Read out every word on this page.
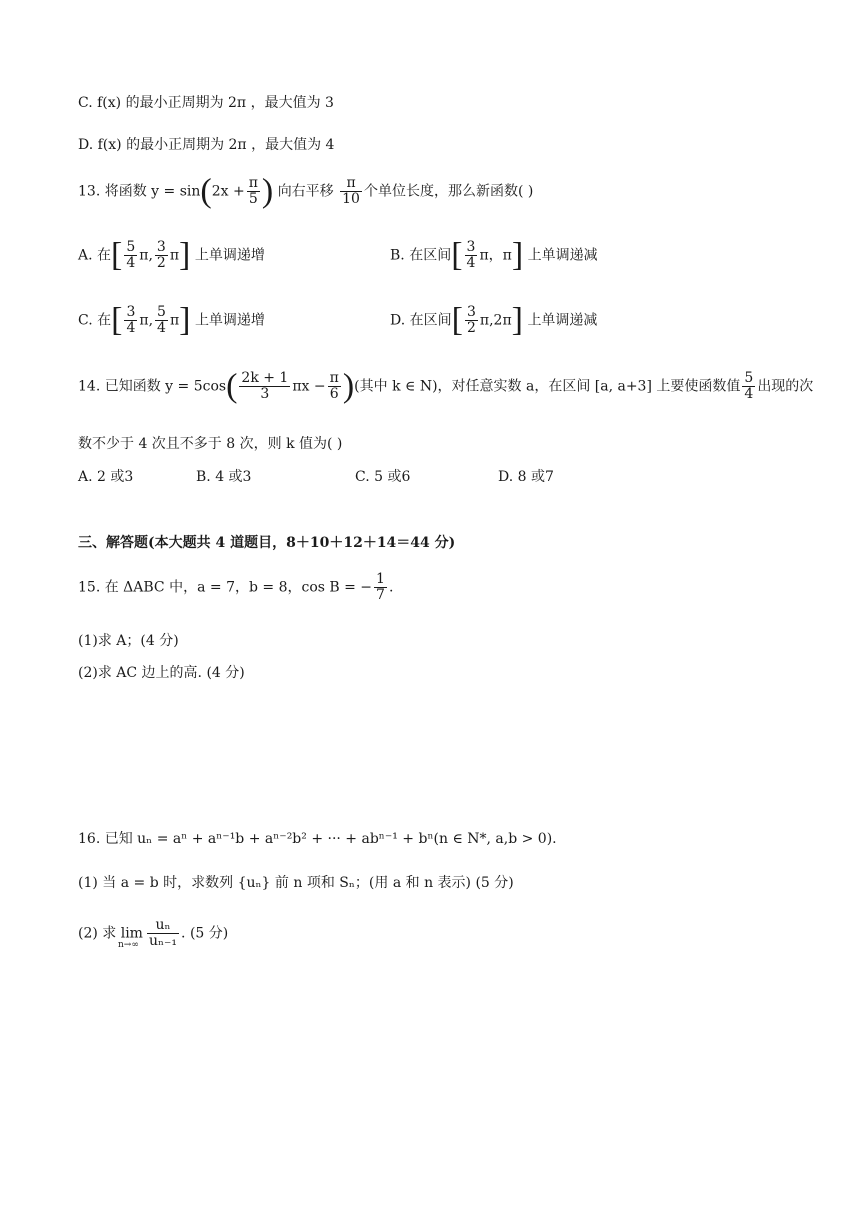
C. f(x) 的最小正周期为 2π ，最大值为 3
D. f(x) 的最小正周期为 2π ，最大值为 4
13. 将函数 $y = \sin(2x + \frac{\pi}{5}$ ) 向右平移 $\frac{\pi}{10}$ 个单位长度，那么新函数( )
A. 在[ $\frac{5}{4} \pi$, $\frac{3}{2} \pi$] 上单调递增	B. 在区间[ $\frac{3}{4}$ π，π] 上单调递减
C. 在[ $\frac{3}{4} \pi$, $\frac{5}{4} \pi$] 上单调递增	D. 在区间[ $\frac{3}{2} \pi,2\pi$] 上单调递减
14. 已知函数 $y = 5\cos( \frac{2k + 1}{3}$ $\pi x - \frac{\pi}{6}$ )(其中 k ∈ N)，对任意实数 a，在区间 [a, a+3] 上要使函数值 $\frac{5}{4}$ 出现的次
数不少于 4 次且不多于 8 次，则 k 值为( )
A. 2 或3	B. 4 或3	C. 5 或6	D. 8 或7
三、解答题(本大题共 4 道题目，8＋10＋12＋14＝44 分)
15. 在 ΔABC 中，a = 7，b = 8，cos B = − $\frac{1}{7}$ .
(1)求 A；(4 分)
(2)求 AC 边上的高. (4 分)
16. 已知 uₙ = aⁿ + aⁿ⁻¹b + aⁿ⁻²b² + ··· + abⁿ⁻¹ + bⁿ(n ∈ N*, a,b > 0).
(1) 当 a = b 时，求数列 {uₙ} 前 n 项和 Sₙ；(用 a 和 n 表示) (5 分)
(2) 求 $\lim \frac{\text{uₙ}}{\text{uₙ₋₁}}$ . (5 分)
n→∞
